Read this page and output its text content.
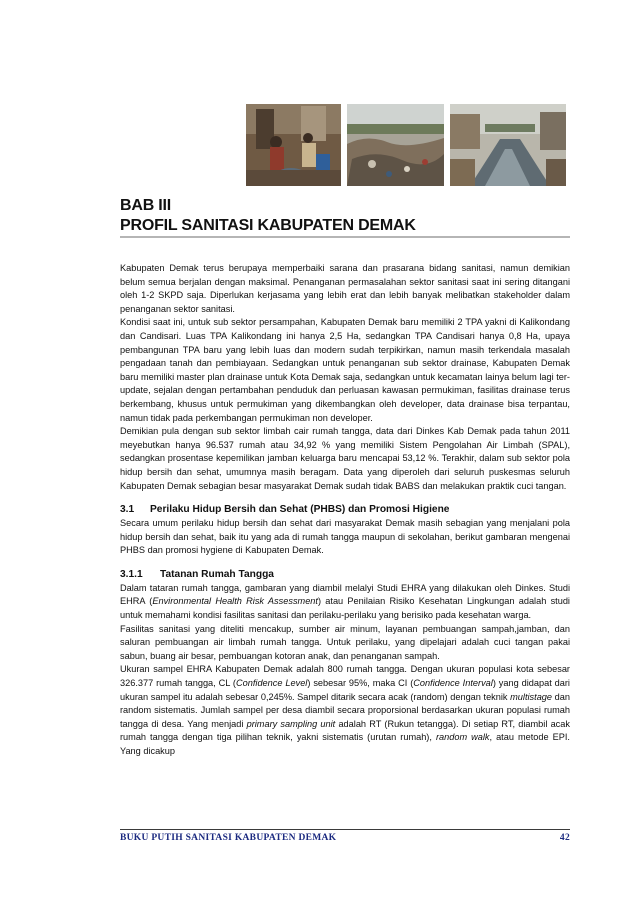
BAB III
PROFIL SANITASI KABUPATEN DEMAK

Kabupaten Demak terus berupaya memperbaiki sarana dan prasarana bidang sanitasi, namun demikian belum semua berjalan dengan maksimal. Penanganan permasalahan sektor sanitasi saat ini sering ditangani oleh 1-2 SKPD saja. Diperlukan kerjasama yang lebih erat dan lebih banyak melibatkan stakeholder dalam penanganan sektor sanitasi.

Kondisi saat ini, untuk sub sektor persampahan, Kabupaten Demak baru memiliki 2 TPA yakni di Kalikondang dan Candisari. Luas TPA Kalikondang ini hanya 2,5 Ha, sedangkan TPA Candisari hanya 0,8 Ha, upaya pembangunan TPA baru yang lebih luas dan modern sudah terpikirkan, namun masih terkendala masalah pengadaan tanah dan pembiayaan. Sedangkan untuk penanganan sub sektor drainase, Kabupaten Demak baru memiliki master plan drainase untuk Kota Demak saja, sedangkan untuk kecamatan lainya belum lagi ter-update, sejalan dengan pertambahan penduduk dan perluasan kawasan permukiman, fasilitas drainase terus berkembang, khusus untuk permukiman yang dikembangkan oleh developer, data drainase bisa terpantau, namun tidak pada perkembangan permukiman non developer.

Demikian pula dengan sub sektor limbah cair rumah tangga, data dari Dinkes Kab Demak pada tahun 2011 meyebutkan hanya 96.537 rumah atau 34,92 % yang memiliki Sistem Pengolahan Air Limbah (SPAL), sedangkan prosentase kepemilikan jamban keluarga baru mencapai 53,12 %. Terakhir, dalam sub sektor pola hidup bersih dan sehat, umumnya masih beragam. Data yang diperoleh dari seluruh puskesmas seluruh Kabupaten Demak sebagian besar masyarakat Demak sudah tidak BABS dan melakukan praktik cuci tangan.

3.1	Perilaku Hidup Bersih dan Sehat (PHBS) dan Promosi Higiene

Secara umum perilaku hidup bersih dan sehat dari masyarakat Demak masih sebagian yang menjalani pola hidup bersih dan sehat, baik itu yang ada di rumah tangga maupun di sekolahan, berikut gambaran mengenai PHBS dan promosi hygiene di Kabupaten Demak.

3.1.1	Tatanan Rumah Tangga

Dalam tataran rumah tangga, gambaran yang diambil melalyi Studi EHRA yang dilakukan oleh Dinkes. Studi EHRA (Environmental Health Risk Assessment) atau Penilaian Risiko Kesehatan Lingkungan adalah studi untuk memahami kondisi fasilitas sanitasi dan perilaku-perilaku yang berisiko pada kesehatan warga.

Fasilitas sanitasi yang diteliti mencakup, sumber air minum, layanan pembuangan sampah,jamban, dan saluran pembuangan air limbah rumah tangga. Untuk perilaku, yang dipelajari adalah cuci tangan pakai sabun, buang air besar, pembuangan kotoran anak, dan penanganan sampah.

Ukuran sampel EHRA Kabupaten Demak adalah 800 rumah tangga. Dengan ukuran populasi kota sebesar 326.377 rumah tangga, CL (Confidence Level) sebesar 95%, maka CI (Confidence Interval) yang didapat dari ukuran sampel itu adalah sebesar 0,245%. Sampel ditarik secara acak (random) dengan teknik multistage dan random sistematis. Jumlah sampel per desa diambil secara proporsional berdasarkan ukuran populasi rumah tangga di desa. Yang menjadi primary sampling unit adalah RT (Rukun tetangga). Di setiap RT, diambil acak rumah tangga dengan tiga pilihan teknik, yakni sistematis (urutan rumah), random walk, atau metode EPI. Yang dicakup

BUKU PUTIH SANITASI KABUPATEN DEMAK	42
